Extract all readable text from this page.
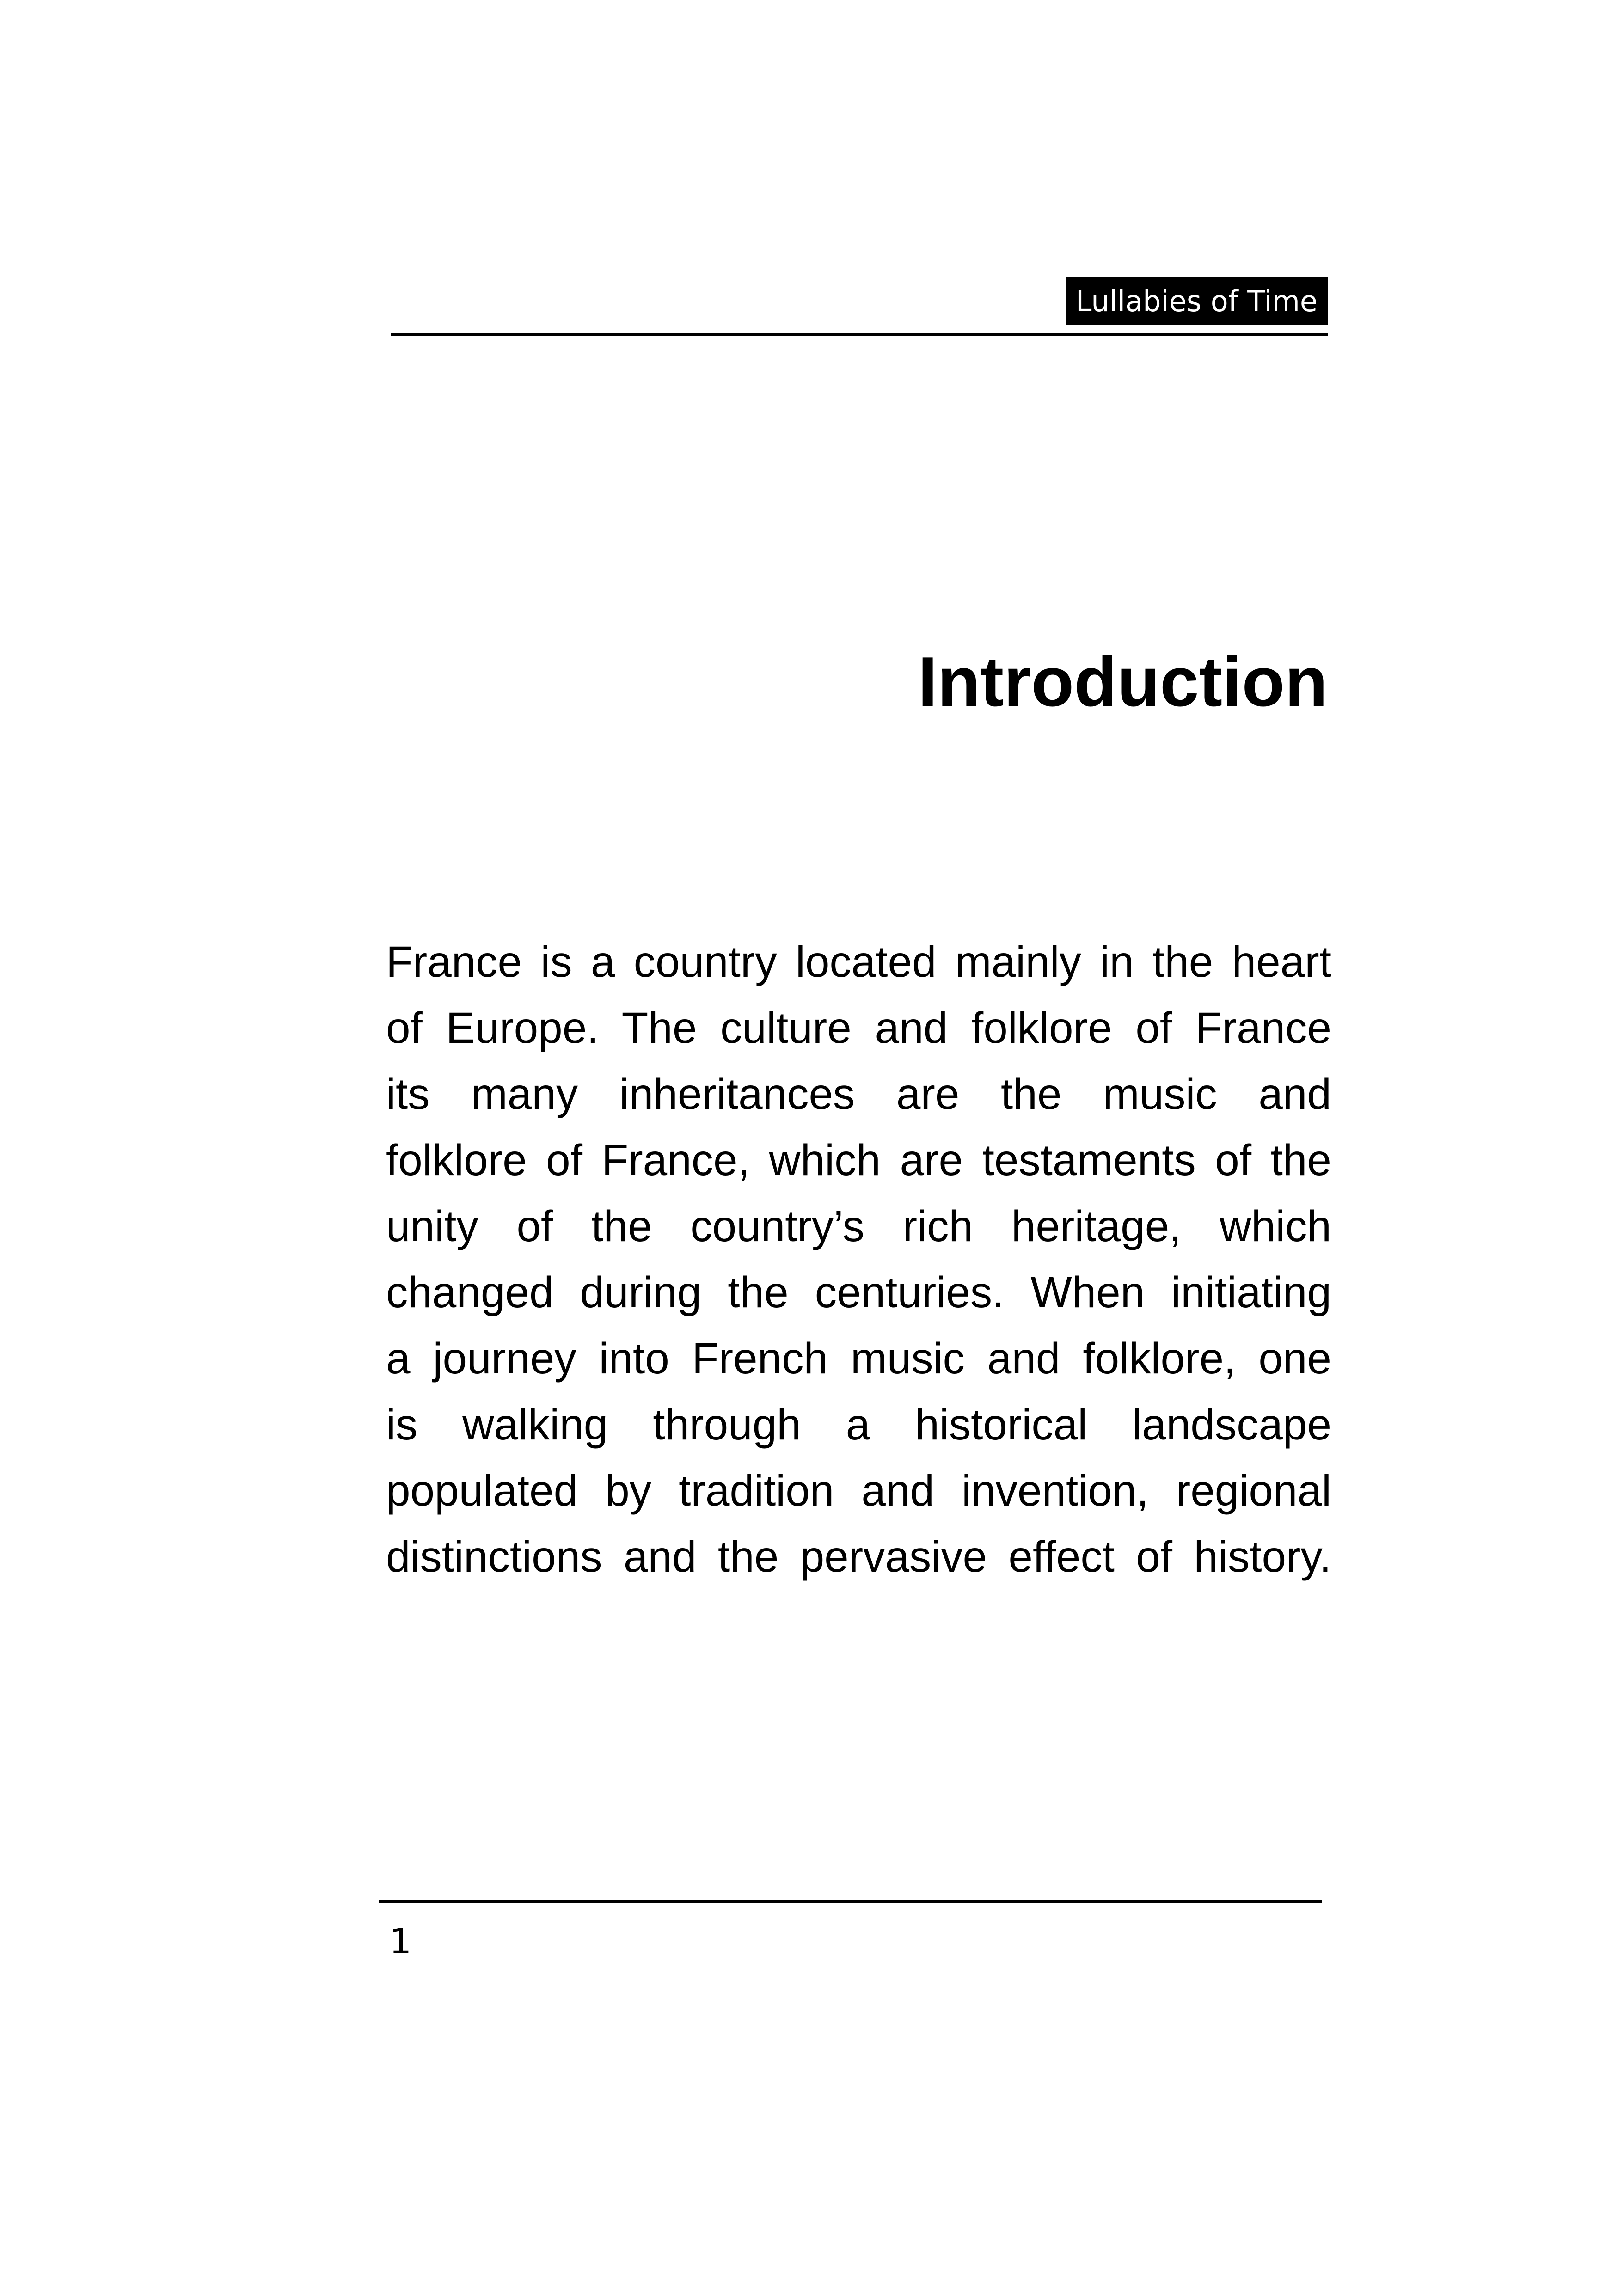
Lullabies of Time
Introduction
France is a country located mainly in the heart
of Europe. The culture and folklore of France
its many inheritances are the music and
folklore of France, which are testaments of the
unity of the country’s rich heritage, which
changed during the centuries. When initiating
a journey into French music and folklore, one
is walking through a historical landscape
populated by tradition and invention, regional
distinctions and the pervasive effect of history.
1
